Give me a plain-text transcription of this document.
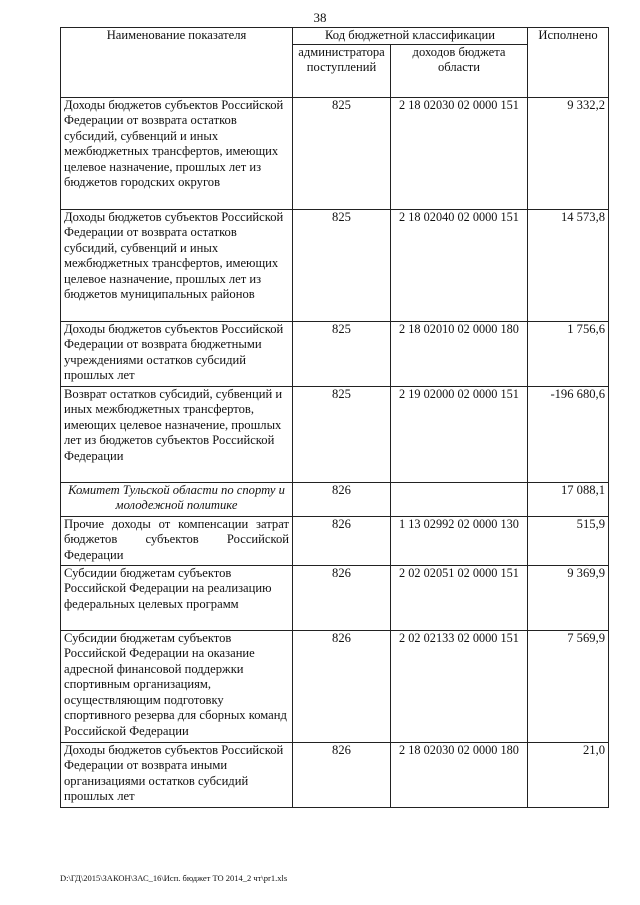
38
Наименование показателя	Код бюджетной классификации		Исполнено
	администратора поступлений	доходов бюджета области	
Доходы бюджетов субъектов Российской Федерации от возврата остатков субсидий, субвенций и иных межбюджетных трансфертов, имеющих целевое назначение, прошлых лет из бюджетов городских округов	825	2 18 02030 02 0000 151	9 332,2
Доходы бюджетов субъектов Российской Федерации от возврата остатков субсидий, субвенций и иных межбюджетных трансфертов, имеющих целевое назначение, прошлых лет из бюджетов муниципальных районов	825	2 18 02040 02 0000 151	14 573,8
Доходы бюджетов субъектов Российской Федерации от возврата бюджетными учреждениями остатков субсидий прошлых лет	825	2 18 02010 02 0000 180	1 756,6
Возврат остатков субсидий, субвенций и иных межбюджетных трансфертов, имеющих целевое назначение, прошлых лет из бюджетов субъектов Российской Федерации	825	2 19 02000 02 0000 151	-196 680,6
Комитет Тульской области по спорту и молодежной политике	826		17 088,1
Прочие доходы от компенсации затрат бюджетов субъектов Российской Федерации	826	1 13 02992 02 0000 130	515,9
Субсидии бюджетам субъектов Российской Федерации на реализацию федеральных целевых программ	826	2 02 02051 02 0000 151	9 369,9
Субсидии бюджетам субъектов Российской Федерации на оказание адресной финансовой поддержки спортивным организациям, осуществляющим подготовку спортивного резерва для сборных команд Российской Федерации	826	2 02 02133 02 0000 151	7 569,9
Доходы бюджетов субъектов Российской Федерации от возврата иными организациями остатков субсидий прошлых лет	826	2 18 02030 02 0000 180	21,0
D:\ГД\2015\ЗАКОН\ЗАС_16\Исп. бюджет ТО 2014_2 чт\pr1.xls
